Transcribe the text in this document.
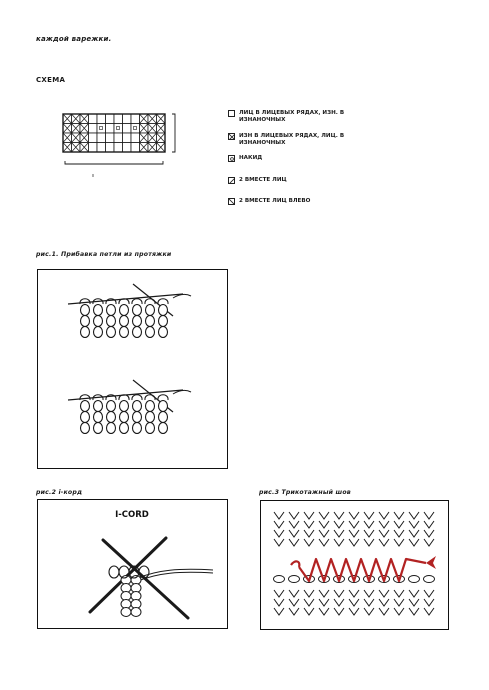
каждой варежки.
СХЕМА
ЛИЦ В ЛИЦЕВЫХ РЯДАХ, ИЗН. В ИЗНАНОЧНЫХ
ИЗН В ЛИЦЕВЫХ РЯДАХ, ЛИЦ. В ИЗНАНОЧНЫХ
НАКИД
2 ВМЕСТЕ ЛИЦ
2 ВМЕСТЕ ЛИЦ ВЛЕВО
рис.1. Прибавка петли из протяжки
рис.2 i-корд
I-CORD
рис.3 Трикотажный шов
